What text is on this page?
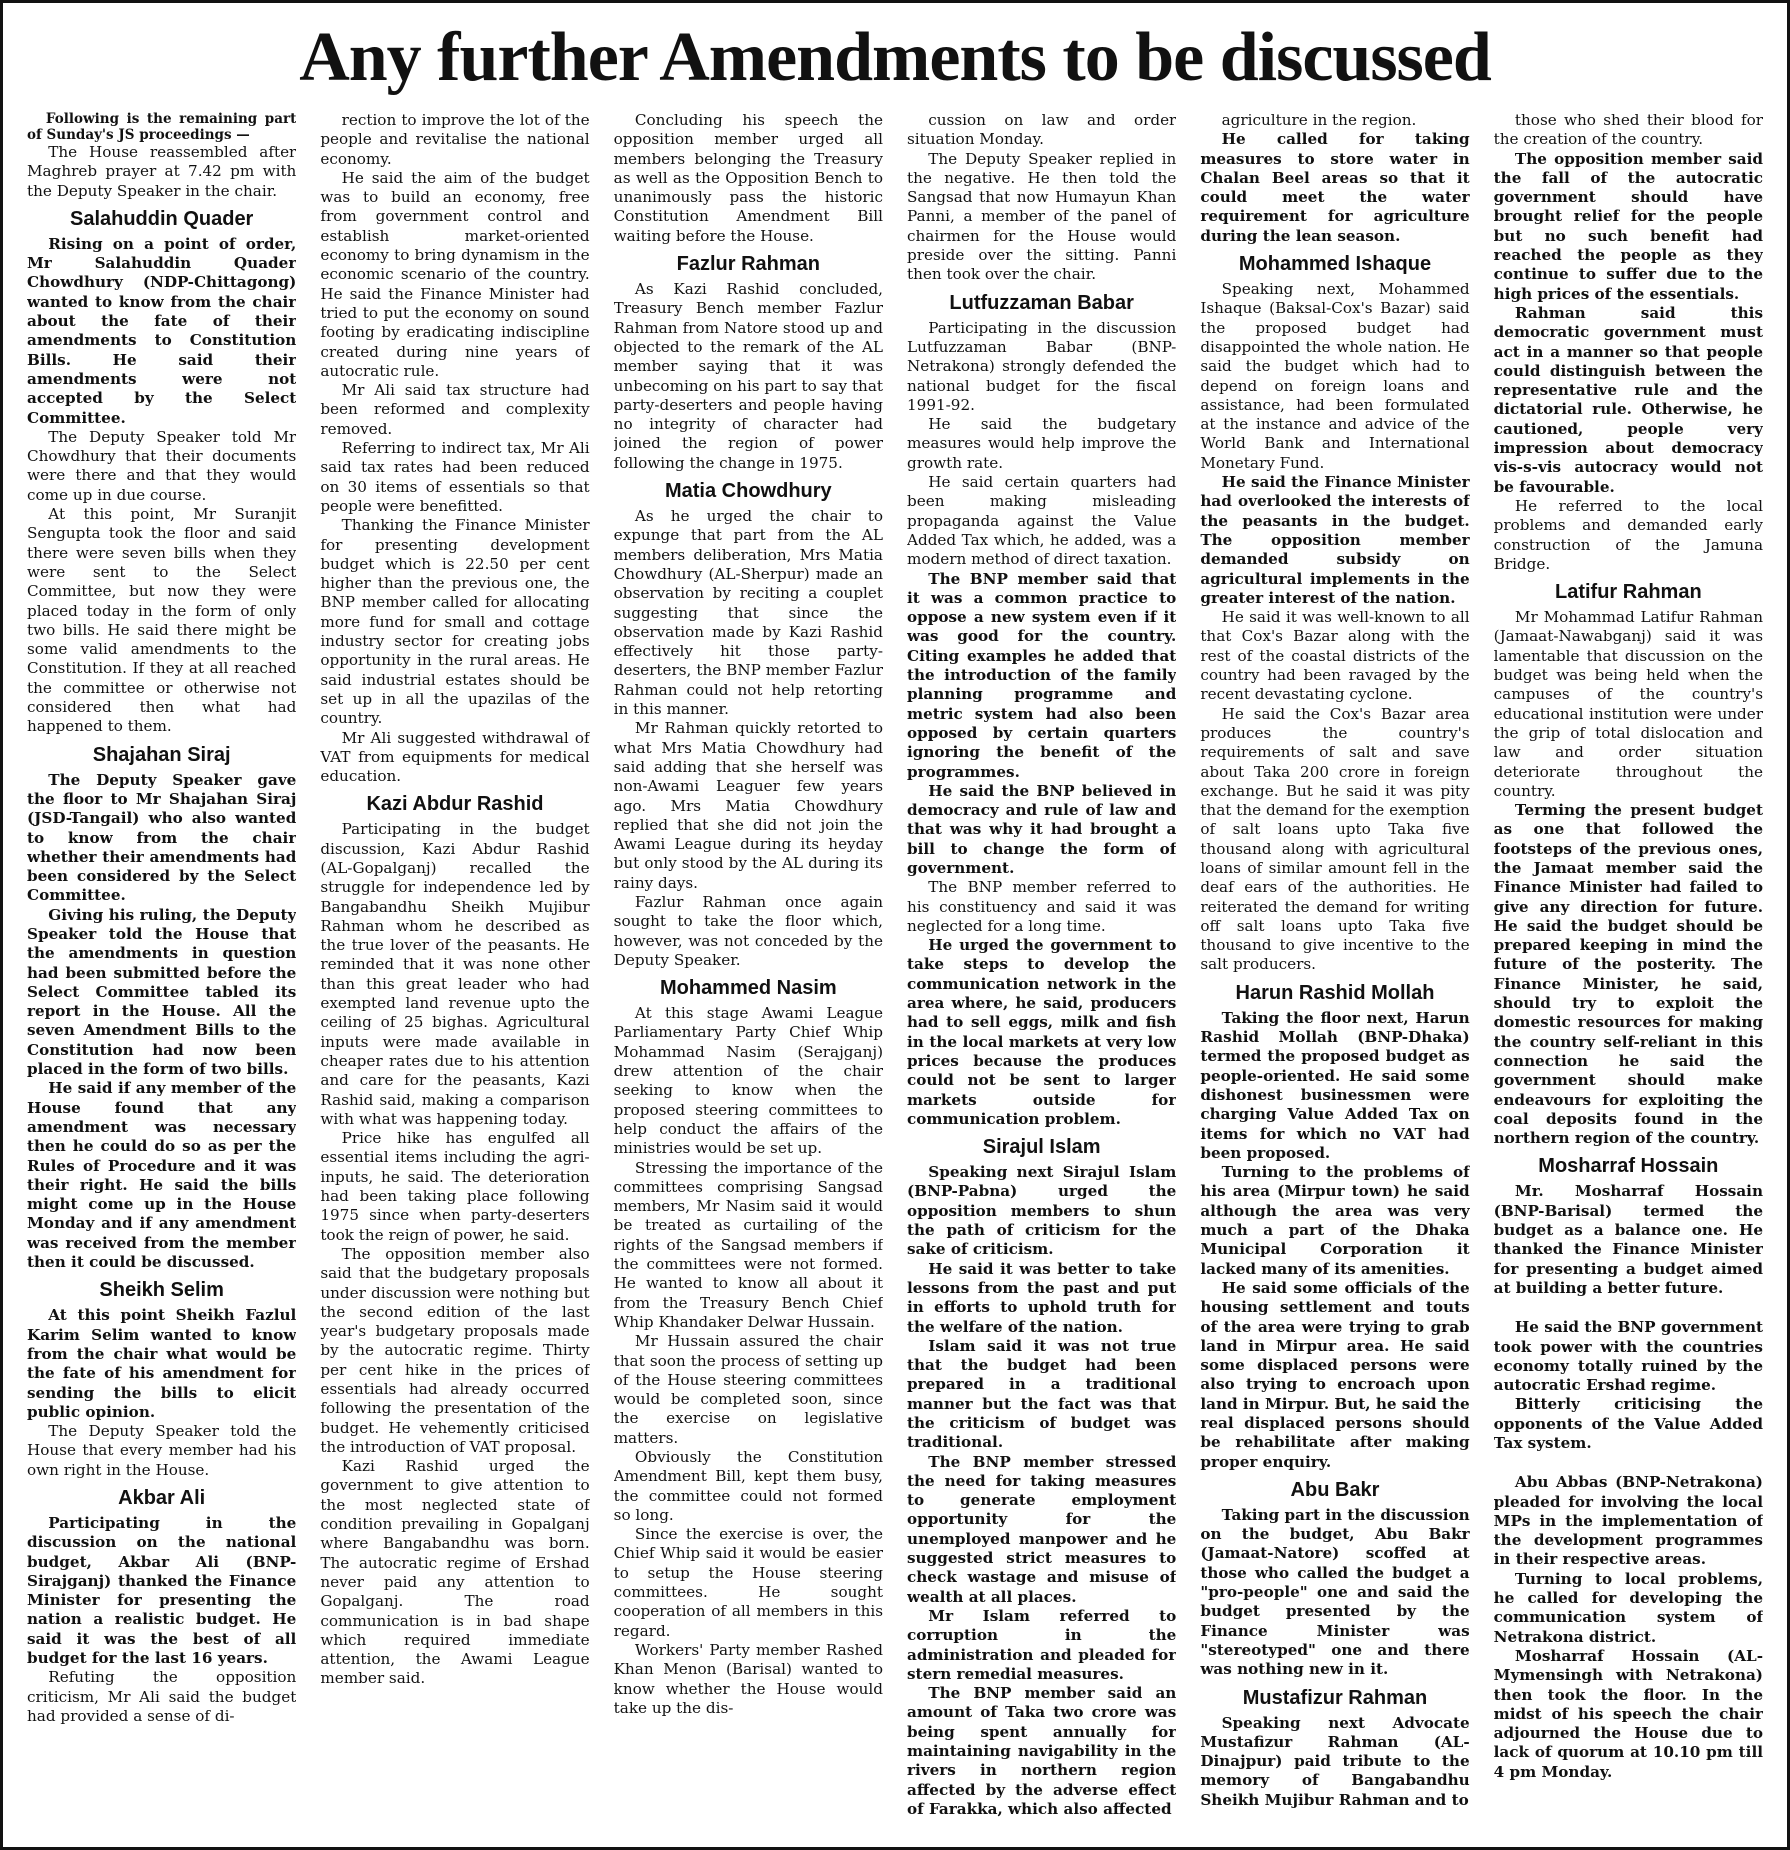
Any further Amendments to be discussed

Following is the remaining part of Sunday's JS proceedings —

The House reassembled after Maghreb prayer at 7.42 pm with the Deputy Speaker in the chair.

Salahuddin Quader

Rising on a point of order, Mr Salahuddin Quader Chowdhury (NDP-Chittagong) wanted to know from the chair about the fate of their amendments to Constitution Bills. He said their amendments were not accepted by the Select Committee.

The Deputy Speaker told Mr Chowdhury that their documents were there and that they would come up in due course.

At this point, Mr Suranjit Sengupta took the floor and said there were seven bills when they were sent to the Select Committee, but now they were placed today in the form of only two bills. He said there might be some valid amendments to the Constitution. If they at all reached the committee or otherwise not considered then what had happened to them.

Shajahan Siraj

The Deputy Speaker gave the floor to Mr Shajahan Siraj (JSD-Tangail) who also wanted to know from the chair whether their amendments had been considered by the Select Committee.

Giving his ruling, the Deputy Speaker told the House that the amendments in question had been submitted before the Select Committee tabled its report in the House. All the seven Amendment Bills to the Constitution had now been placed in the form of two bills.

He said if any member of the House found that any amendment was necessary then he could do so as per the Rules of Procedure and it was their right. He said the bills might come up in the House Monday and if any amendment was received from the member then it could be discussed.

Sheikh Selim

At this point Sheikh Fazlul Karim Selim wanted to know from the chair what would be the fate of his amendment for sending the bills to elicit public opinion.

The Deputy Speaker told the House that every member had his own right in the House.

Akbar Ali

Participating in the discussion on the national budget, Akbar Ali (BNP-Sirajganj) thanked the Finance Minister for presenting the nation a realistic budget. He said it was the best of all budget for the last 16 years.

Refuting the opposition criticism, Mr Ali said the budget had provided a sense of di-

rection to improve the lot of the people and revitalise the national economy.

He said the aim of the budget was to build an economy, free from government control and establish market-oriented economy to bring dynamism in the economic scenario of the country. He said the Finance Minister had tried to put the economy on sound footing by eradicating indiscipline created during nine years of autocratic rule.

Mr Ali said tax structure had been reformed and complexity removed.

Referring to indirect tax, Mr Ali said tax rates had been reduced on 30 items of essentials so that people were benefitted.

Thanking the Finance Minister for presenting development budget which is 22.50 per cent higher than the previous one, the BNP member called for allocating more fund for small and cottage industry sector for creating jobs opportunity in the rural areas. He said industrial estates should be set up in all the upazilas of the country.

Mr Ali suggested withdrawal of VAT from equipments for medical education.

Kazi Abdur Rashid

Participating in the budget discussion, Kazi Abdur Rashid (AL-Gopalganj) recalled the struggle for independence led by Bangabandhu Sheikh Mujibur Rahman whom he described as the true lover of the peasants. He reminded that it was none other than this great leader who had exempted land revenue upto the ceiling of 25 bighas. Agricultural inputs were made available in cheaper rates due to his attention and care for the peasants, Kazi Rashid said, making a comparison with what was happening today.

Price hike has engulfed all essential items including the agri-inputs, he said. The deterioration had been taking place following 1975 since when party-deserters took the reign of power, he said.

The opposition member also said that the budgetary proposals under discussion were nothing but the second edition of the last year's budgetary proposals made by the autocratic regime. Thirty per cent hike in the prices of essentials had already occurred following the presentation of the budget. He vehemently criticised the introduction of VAT proposal.

Kazi Rashid urged the government to give attention to the most neglected state of condition prevailing in Gopalganj where Bangabandhu was born. The autocratic regime of Ershad never paid any attention to Gopalganj. The road communication is in bad shape which required immediate attention, the Awami League member said.

Concluding his speech the opposition member urged all members belonging the Treasury as well as the Opposition Bench to unanimously pass the historic Constitution Amendment Bill waiting before the House.

Fazlur Rahman

As Kazi Rashid concluded, Treasury Bench member Fazlur Rahman from Natore stood up and objected to the remark of the AL member saying that it was unbecoming on his part to say that party-deserters and people having no integrity of character had joined the region of power following the change in 1975.

Matia Chowdhury

As he urged the chair to expunge that part from the AL members deliberation, Mrs Matia Chowdhury (AL-Sherpur) made an observation by reciting a couplet suggesting that since the observation made by Kazi Rashid effectively hit those party-deserters, the BNP member Fazlur Rahman could not help retorting in this manner.

Mr Rahman quickly retorted to what Mrs Matia Chowdhury had said adding that she herself was non-Awami Leaguer few years ago. Mrs Matia Chowdhury replied that she did not join the Awami League during its heyday but only stood by the AL during its rainy days.

Fazlur Rahman once again sought to take the floor which, however, was not conceded by the Deputy Speaker.

Mohammed Nasim

At this stage Awami League Parliamentary Party Chief Whip Mohammad Nasim (Serajganj) drew attention of the chair seeking to know when the proposed steering committees to help conduct the affairs of the ministries would be set up.

Stressing the importance of the committees comprising Sangsad members, Mr Nasim said it would be treated as curtailing of the rights of the Sangsad members if the committees were not formed. He wanted to know all about it from the Treasury Bench Chief Whip Khandaker Delwar Hussain.

Mr Hussain assured the chair that soon the process of setting up of the House steering committees would be completed soon, since the exercise on legislative matters.

Obviously the Constitution Amendment Bill, kept them busy, the committee could not formed so long.

Since the exercise is over, the Chief Whip said it would be easier to setup the House steering committees. He sought cooperation of all members in this regard.

Workers' Party member Rashed Khan Menon (Barisal) wanted to know whether the House would take up the dis-

cussion on law and order situation Monday.

The Deputy Speaker replied in the negative. He then told the Sangsad that now Humayun Khan Panni, a member of the panel of chairmen for the House would preside over the sitting. Panni then took over the chair.

Lutfuzzaman Babar

Participating in the discussion Lutfuzzaman Babar (BNP-Netrakona) strongly defended the national budget for the fiscal 1991-92.

He said the budgetary measures would help improve the growth rate.

He said certain quarters had been making misleading propaganda against the Value Added Tax which, he added, was a modern method of direct taxation.

The BNP member said that it was a common practice to oppose a new system even if it was good for the country. Citing examples he added that the introduction of the family planning programme and metric system had also been opposed by certain quarters ignoring the benefit of the programmes.

He said the BNP believed in democracy and rule of law and that was why it had brought a bill to change the form of government.

The BNP member referred to his constituency and said it was neglected for a long time.

He urged the government to take steps to develop the communication network in the area where, he said, producers had to sell eggs, milk and fish in the local markets at very low prices because the produces could not be sent to larger markets outside for communication problem.

Sirajul Islam

Speaking next Sirajul Islam (BNP-Pabna) urged the opposition members to shun the path of criticism for the sake of criticism.

He said it was better to take lessons from the past and put in efforts to uphold truth for the welfare of the nation.

Islam said it was not true that the budget had been prepared in a traditional manner but the fact was that the criticism of budget was traditional.

The BNP member stressed the need for taking measures to generate employment opportunity for the unemployed manpower and he suggested strict measures to check wastage and misuse of wealth at all places.

Mr Islam referred to corruption in the administration and pleaded for stern remedial measures.

The BNP member said an amount of Taka two crore was being spent annually for maintaining navigability in the rivers in northern region affected by the adverse effect of Farakka, which also affected

agriculture in the region.

He called for taking measures to store water in Chalan Beel areas so that it could meet the water requirement for agriculture during the lean season.

Mohammed Ishaque

Speaking next, Mohammed Ishaque (Baksal-Cox's Bazar) said the proposed budget had disappointed the whole nation. He said the budget which had to depend on foreign loans and assistance, had been formulated at the instance and advice of the World Bank and International Monetary Fund.

He said the Finance Minister had overlooked the interests of the peasants in the budget. The opposition member demanded subsidy on agricultural implements in the greater interest of the nation.

He said it was well-known to all that Cox's Bazar along with the rest of the coastal districts of the country had been ravaged by the recent devastating cyclone.

He said the Cox's Bazar area produces the country's requirements of salt and save about Taka 200 crore in foreign exchange. But he said it was pity that the demand for the exemption of salt loans upto Taka five thousand along with agricultural loans of similar amount fell in the deaf ears of the authorities. He reiterated the demand for writing off salt loans upto Taka five thousand to give incentive to the salt producers.

Harun Rashid Mollah

Taking the floor next, Harun Rashid Mollah (BNP-Dhaka) termed the proposed budget as people-oriented. He said some dishonest businessmen were charging Value Added Tax on items for which no VAT had been proposed.

Turning to the problems of his area (Mirpur town) he said although the area was very much a part of the Dhaka Municipal Corporation it lacked many of its amenities.

He said some officials of the housing settlement and touts of the area were trying to grab land in Mirpur area. He said some displaced persons were also trying to encroach upon land in Mirpur. But, he said the real displaced persons should be rehabilitate after making proper enquiry.

Abu Bakr

Taking part in the discussion on the budget, Abu Bakr (Jamaat-Natore) scoffed at those who called the budget a "pro-people" one and said the budget presented by the Finance Minister was "stereotyped" one and there was nothing new in it.

Mustafizur Rahman

Speaking next Advocate Mustafizur Rahman (AL-Dinajpur) paid tribute to the memory of Bangabandhu Sheikh Mujibur Rahman and to

those who shed their blood for the creation of the country.

The opposition member said the fall of the autocratic government should have brought relief for the people but no such benefit had reached the people as they continue to suffer due to the high prices of the essentials.

Rahman said this democratic government must act in a manner so that people could distinguish between the representative rule and the dictatorial rule. Otherwise, he cautioned, people very impression about democracy vis-s-vis autocracy would not be favourable.

He referred to the local problems and demanded early construction of the Jamuna Bridge.

Latifur Rahman

Mr Mohammad Latifur Rahman (Jamaat-Nawabganj) said it was lamentable that discussion on the budget was being held when the campuses of the country's educational institution were under the grip of total dislocation and law and order situation deteriorate throughout the country.

Terming the present budget as one that followed the footsteps of the previous ones, the Jamaat member said the Finance Minister had failed to give any direction for future. He said the budget should be prepared keeping in mind the future of the posterity. The Finance Minister, he said, should try to exploit the domestic resources for making the country self-reliant in this connection he said the government should make endeavours for exploiting the coal deposits found in the northern region of the country.

Mosharraf Hossain

Mr. Mosharraf Hossain (BNP-Barisal) termed the budget as a balance one. He thanked the Finance Minister for presenting a budget aimed at building a better future.

He said the BNP government took power with the countries economy totally ruined by the autocratic Ershad regime.

Bitterly criticising the opponents of the Value Added Tax system.

Abu Abbas (BNP-Netrakona) pleaded for involving the local MPs in the implementation of the development programmes in their respective areas.

Turning to local problems, he called for developing the communication system of Netrakona district.

Mosharraf Hossain (AL-Mymensingh with Netrakona) then took the floor. In the midst of his speech the chair adjourned the House due to lack of quorum at 10.10 pm till 4 pm Monday.
